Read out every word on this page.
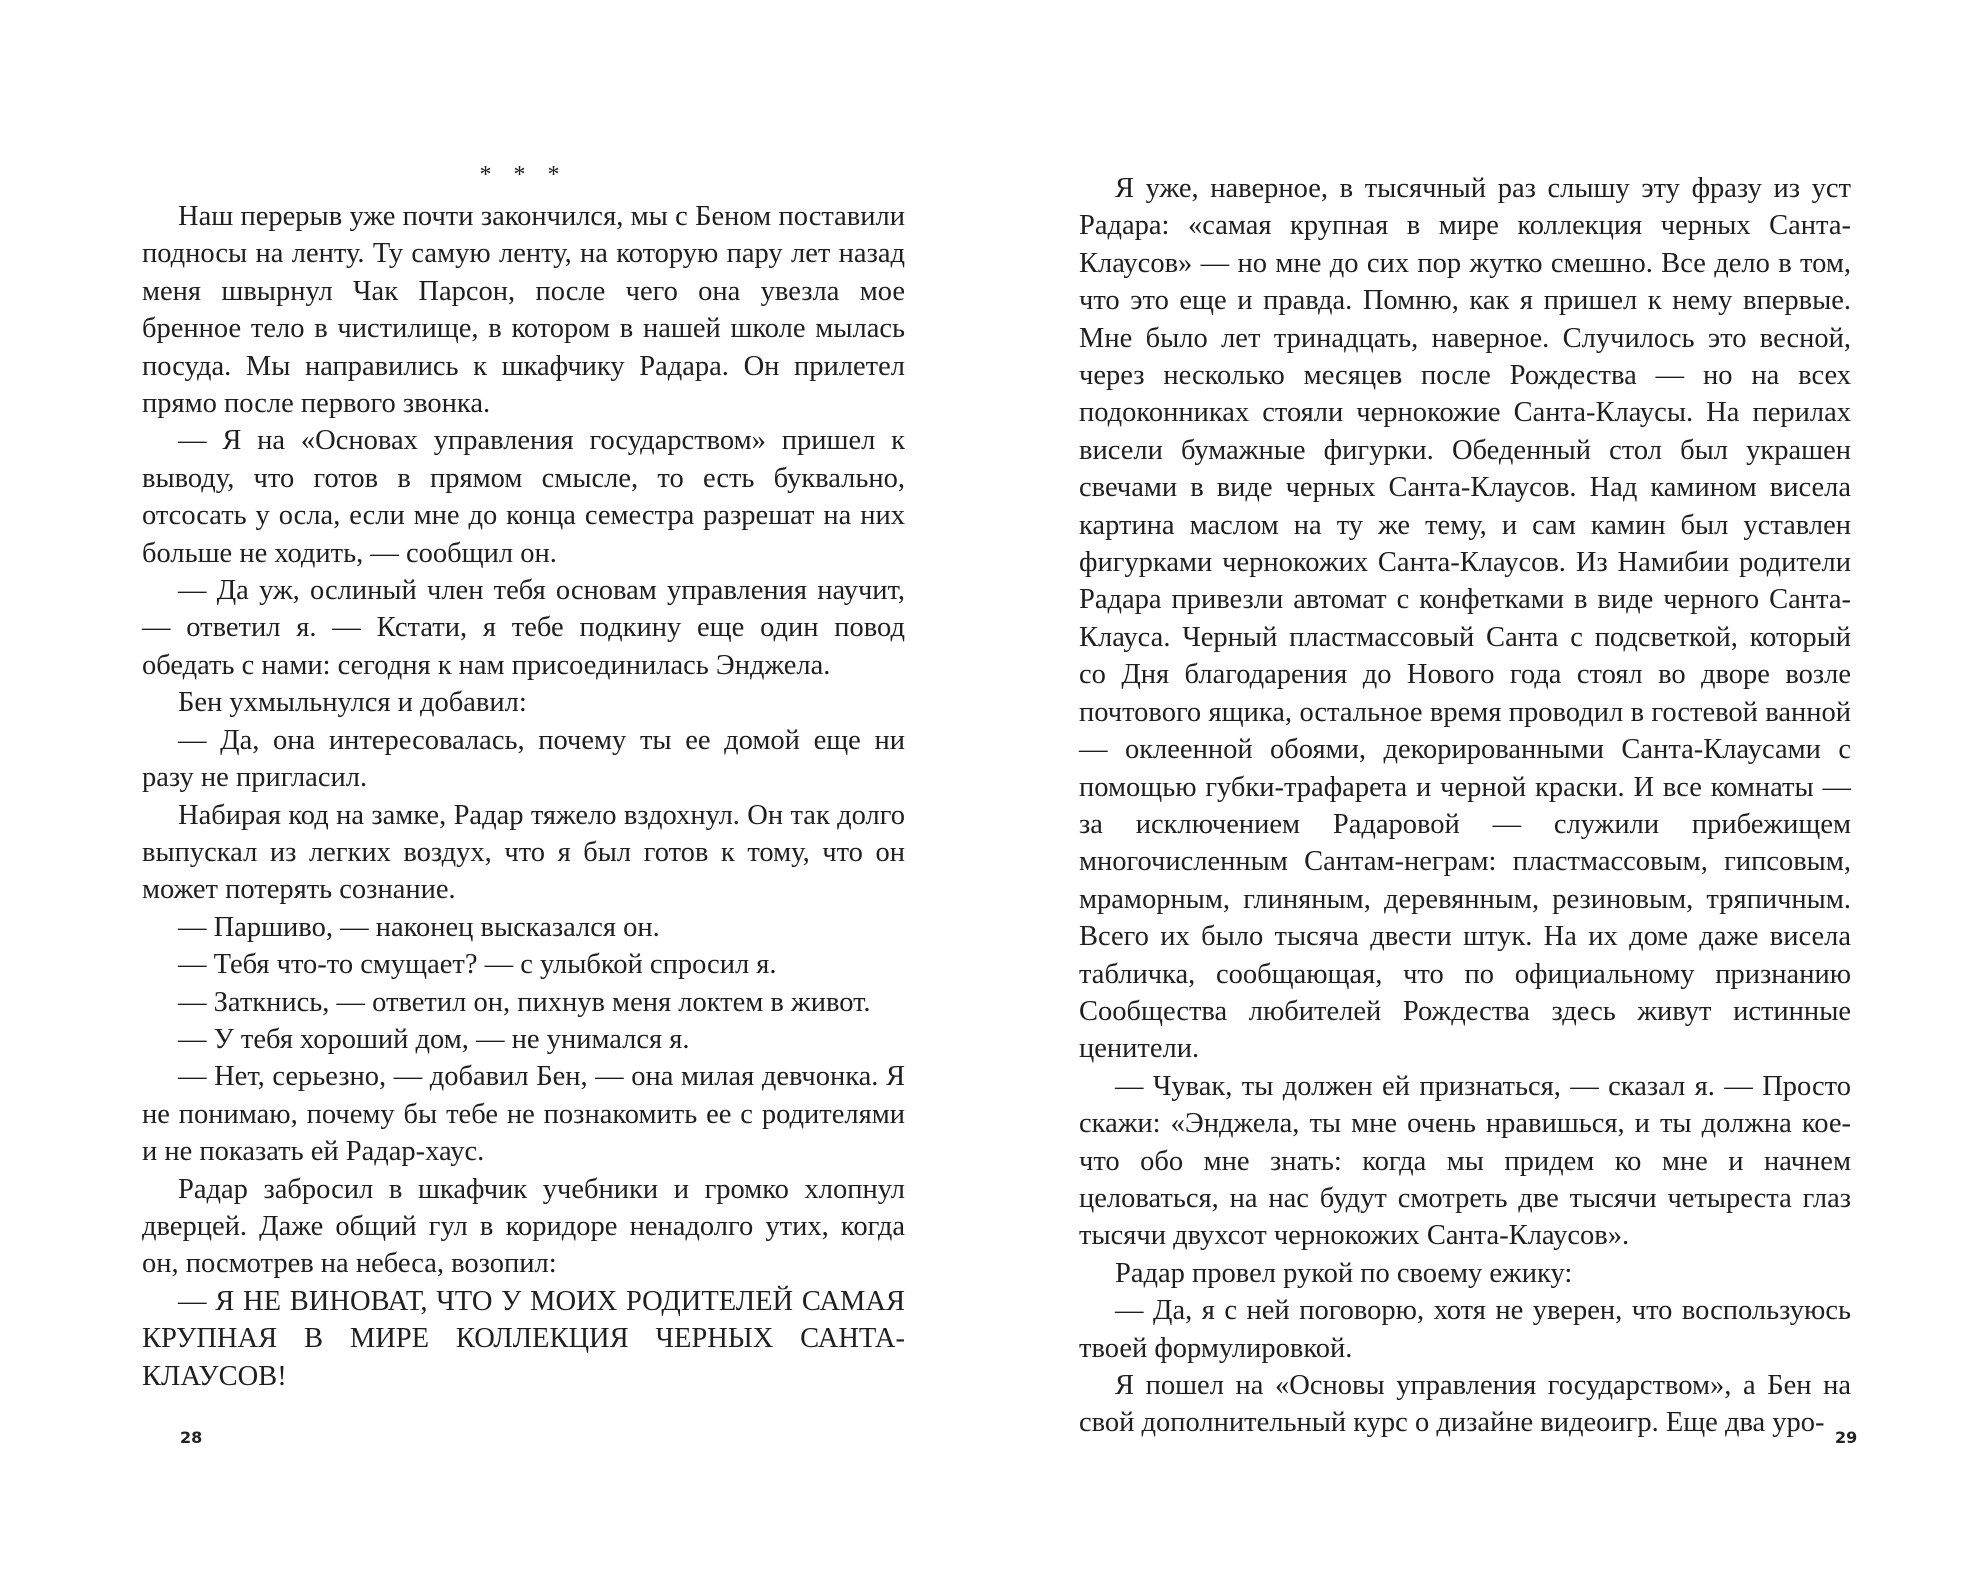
* * *

Наш перерыв уже почти закончился, мы с Беном поставили подносы на ленту. Ту самую ленту, на которую пару лет назад меня швырнул Чак Парсон, после чего она увезла мое бренное тело в чистилище, в котором в нашей школе мылась посуда. Мы направились к шкафчику Радара. Он прилетел прямо после первого звонка.

— Я на «Основах управления государством» пришел к выводу, что готов в прямом смысле, то есть буквально, отсосать у осла, если мне до конца семестра разрешат на них больше не ходить, — сообщил он.

— Да уж, ослиный член тебя основам управления научит, — ответил я. — Кстати, я тебе подкину еще один повод обедать с нами: сегодня к нам присоединилась Энджела.

Бен ухмыльнулся и добавил:

— Да, она интересовалась, почему ты ее домой еще ни разу не пригласил.

Набирая код на замке, Радар тяжело вздохнул. Он так долго выпускал из легких воздух, что я был готов к тому, что он может потерять сознание.

— Паршиво, — наконец высказался он.

— Тебя что-то смущает? — с улыбкой спросил я.

— Заткнись, — ответил он, пихнув меня локтем в живот.

— У тебя хороший дом, — не унимался я.

— Нет, серьезно, — добавил Бен, — она милая девчонка. Я не понимаю, почему бы тебе не познакомить ее с родителями и не показать ей Радар-хаус.

Радар забросил в шкафчик учебники и громко хлопнул дверцей. Даже общий гул в коридоре ненадолго утих, когда он, посмотрев на небеса, возопил:

— Я НЕ ВИНОВАТ, ЧТО У МОИХ РОДИТЕЛЕЙ САМАЯ КРУПНАЯ В МИРЕ КОЛЛЕКЦИЯ ЧЕРНЫХ САНТА-КЛАУСОВ!

28

Я уже, наверное, в тысячный раз слышу эту фразу из уст Радара: «самая крупная в мире коллекция черных Санта-Клаусов» — но мне до сих пор жутко смешно. Все дело в том, что это еще и правда. Помню, как я пришел к нему впервые. Мне было лет тринадцать, наверное. Случилось это весной, через несколько месяцев после Рождества — но на всех подоконниках стояли чернокожие Санта-Клаусы. На перилах висели бумажные фигурки. Обеденный стол был украшен свечами в виде черных Санта-Клаусов. Над камином висела картина маслом на ту же тему, и сам камин был уставлен фигурками чернокожих Санта-Клаусов. Из Намибии родители Радара привезли автомат с конфетками в виде черного Санта-Клауса. Черный пластмассовый Санта с подсветкой, который со Дня благодарения до Нового года стоял во дворе возле почтового ящика, остальное время проводил в гостевой ванной — оклеенной обоями, декорированными Санта-Клаусами с помощью губки-трафарета и черной краски. И все комнаты — за исключением Радаровой — служили прибежищем многочисленным Сантам-неграм: пластмассовым, гипсовым, мраморным, глиняным, деревянным, резиновым, тряпичным. Всего их было тысяча двести штук. На их доме даже висела табличка, сообщающая, что по официальному признанию Сообщества любителей Рождества здесь живут истинные ценители.

— Чувак, ты должен ей признаться, — сказал я. — Просто скажи: «Энджела, ты мне очень нравишься, и ты должна кое-что обо мне знать: когда мы придем ко мне и начнем целоваться, на нас будут смотреть две тысячи четыреста глаз тысячи двухсот чернокожих Санта-Клаусов».

Радар провел рукой по своему ежику:

— Да, я с ней поговорю, хотя не уверен, что воспользуюсь твоей формулировкой.

Я пошел на «Основы управления государством», а Бен на свой дополнительный курс о дизайне видеоигр. Еще два уро- 29
